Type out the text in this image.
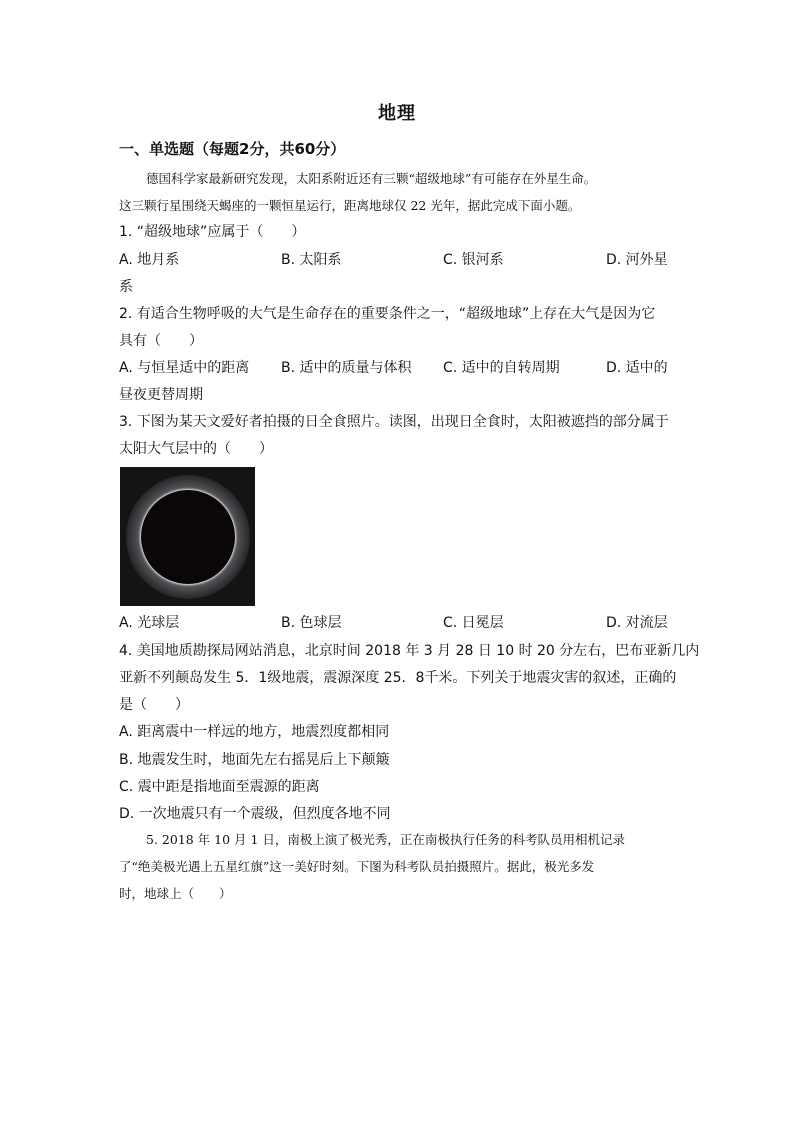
地理
一、单选题（每题2分，共60分）
德国科学家最新研究发现，太阳系附近还有三颗“超级地球”有可能存在外星生命。
这三颗行星围绕天蝎座的一颗恒星运行，距离地球仅 22 光年，据此完成下面小题。
1. “超级地球”应属于（　　）
A. 地月系	B. 太阳系	C. 银河系	D. 河外星
系
2. 有适合生物呼吸的大气是生命存在的重要条件之一，“超级地球”上存在大气是因为它
具有（　　）
A. 与恒星适中的距离 B. 适中的质量与体积 C. 适中的自转周期	D. 适中的
昼夜更替周期
3. 下图为某天文爱好者拍摄的日全食照片。读图，出现日全食时，太阳被遮挡的部分属于
太阳大气层中的（　　）
A. 光球层	B. 色球层	C. 日冕层	D. 对流层
4. 美国地质勘探局网站消息，北京时间 2018 年 3 月 28 日 10 时 20 分左右，巴布亚新几内
亚新不列颠岛发生 5．1级地震，震源深度 25．8千米。下列关于地震灾害的叙述，正确的
是（　　）
A. 距离震中一样远的地方，地震烈度都相同
B. 地震发生时，地面先左右摇晃后上下颠簸
C. 震中距是指地面至震源的距离
D. 一次地震只有一个震级，但烈度各地不同
5. 2018 年 10 月 1 日，南极上演了极光秀，正在南极执行任务的科考队员用相机记录
了“绝美极光遇上五星红旗”这一美好时刻。下图为科考队员拍摄照片。据此，极光多发
时，地球上（　　）
